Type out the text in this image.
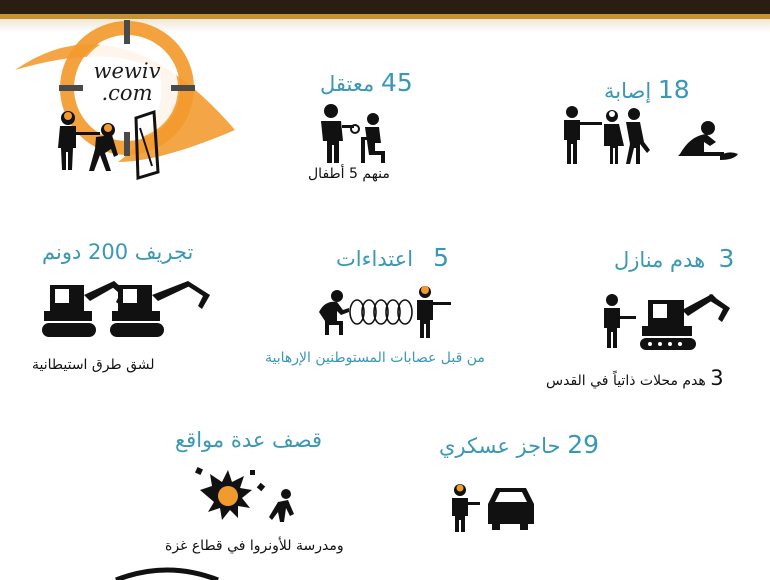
wewiv
.com	18 إصابة
45 معتقل
منهم 5 أطفال
3  هدم منازل
3 هدم محلات ذاتياً في القدس
5   اعتداءات
من قبل عصابات المستوطنين الإرهابية
تجريف 200 دونم
لشق طرق استيطانية
29 حاجز عسكري
قصف عدة مواقع
ومدرسة للأونروا في قطاع غزة
